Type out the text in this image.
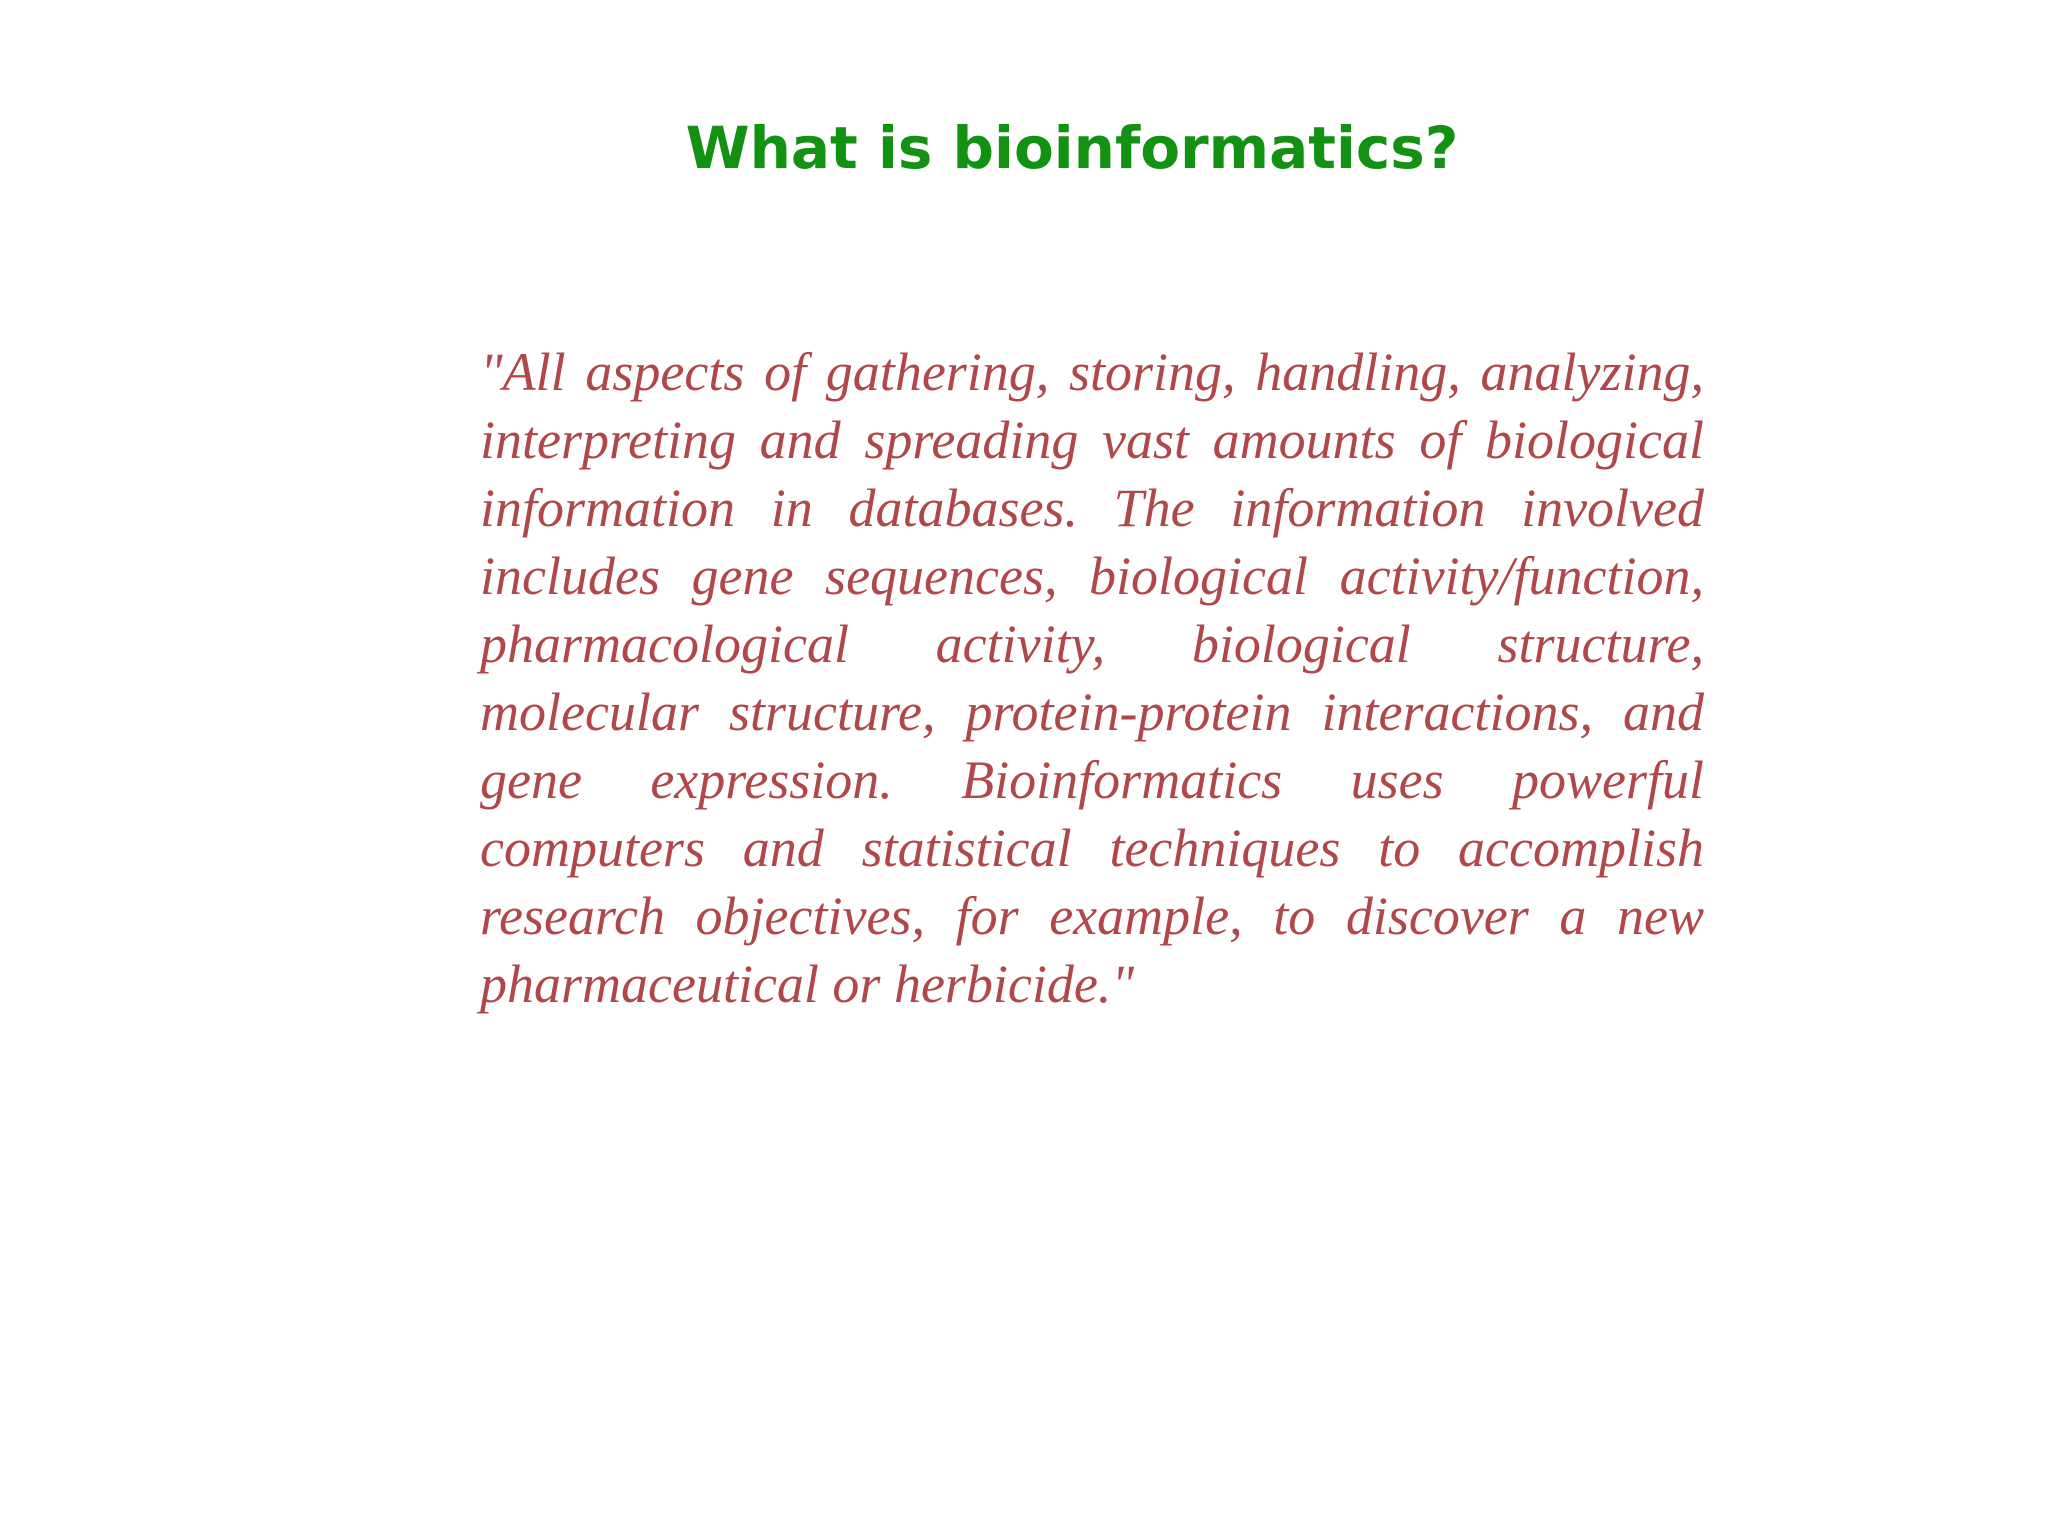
What is bioinformatics?

"All aspects of gathering, storing, handling, analyzing, interpreting and spreading vast amounts of biological information in databases. The information involved includes gene sequences, biological activity/function, pharmacological activity, biological structure, molecular structure, protein-protein interactions, and gene expression. Bioinformatics uses powerful computers and statistical techniques to accomplish research objectives, for example, to discover a new pharmaceutical or herbicide."
